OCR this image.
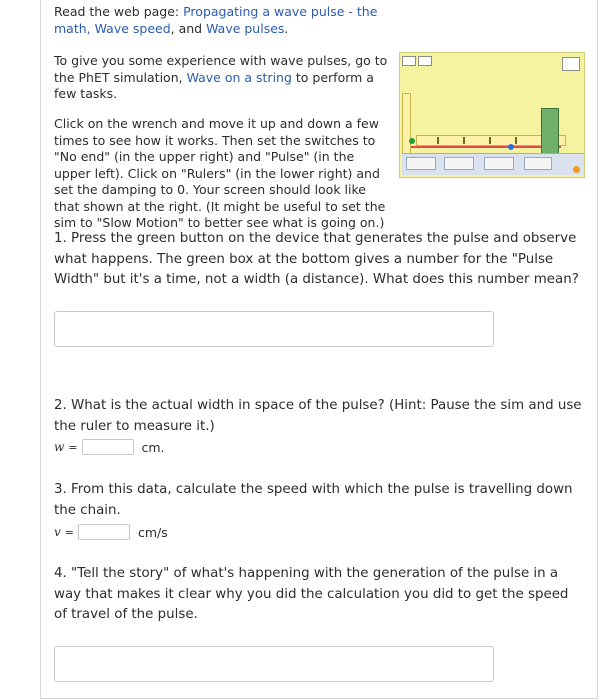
Read the web page: Propagating a wave pulse - the math, Wave speed, and Wave pulses.

To give you some experience with wave pulses, go to the PhET simulation, Wave on a string to perform a few tasks.

Click on the wrench and move it up and down a few times to see how it works. Then set the switches to "No end" (in the upper right) and "Pulse" (in the upper left). Click on "Rulers" (in the lower right) and set the damping to 0. Your screen should look like that shown at the right. (It might be useful to set the sim to "Slow Motion" to better see what is going on.)

1. Press the green button on the device that generates the pulse and observe what happens. The green box at the bottom gives a number for the "Pulse Width" but it's a time, not a width (a distance). What does this number mean?

2. What is the actual width in space of the pulse? (Hint: Pause the sim and use the ruler to measure it.)

w =	cm.

3. From this data, calculate the speed with which the pulse is travelling down the chain.

v =	cm/s

4. "Tell the story" of what's happening with the generation of the pulse in a way that makes it clear why you did the calculation you did to get the speed of travel of the pulse.
